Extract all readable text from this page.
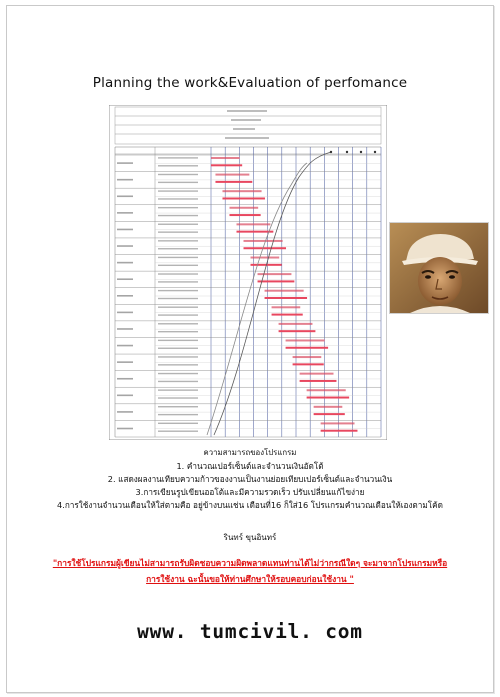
Planning the work&Evaluation of perfomance
ความสามารถของโปรแกรม
1. คำนวณเปอร์เซ็นต์และจำนวนเงินอัตโต้
2. แสดงผลงานเทียบความก้าวของงานเป็นงานย่อยเทียบเปอร์เซ็นต์และจำนวนเงิน
3.การเขียนรูปเขียนออโต้และมีความรวดเร็ว ปรับเปลี่ยนแก้ไขง่าย
4.การใช้งานจำนวนเดือนให้ใส่ตามคือ อยู่ข้างบนแช่น เดือนที่16 ก็ใส่16 โปรแกรมคำนวณเดือนให้เองตามโค้ด
รินทร์ ขุนอินทร์
"การใช้โปรแกรมผู้เขียนไม่สามารถรับผิดชอบความผิดพลาดแทนท่านได้ไม่ว่ากรณีใดๆ จะมาจากโปรแกรมหรือ
การใช้งาน ฉะนั้นขอให้ท่านศึกษาให้รอบคอบก่อนใช้งาน "
www. tumcivil. com
